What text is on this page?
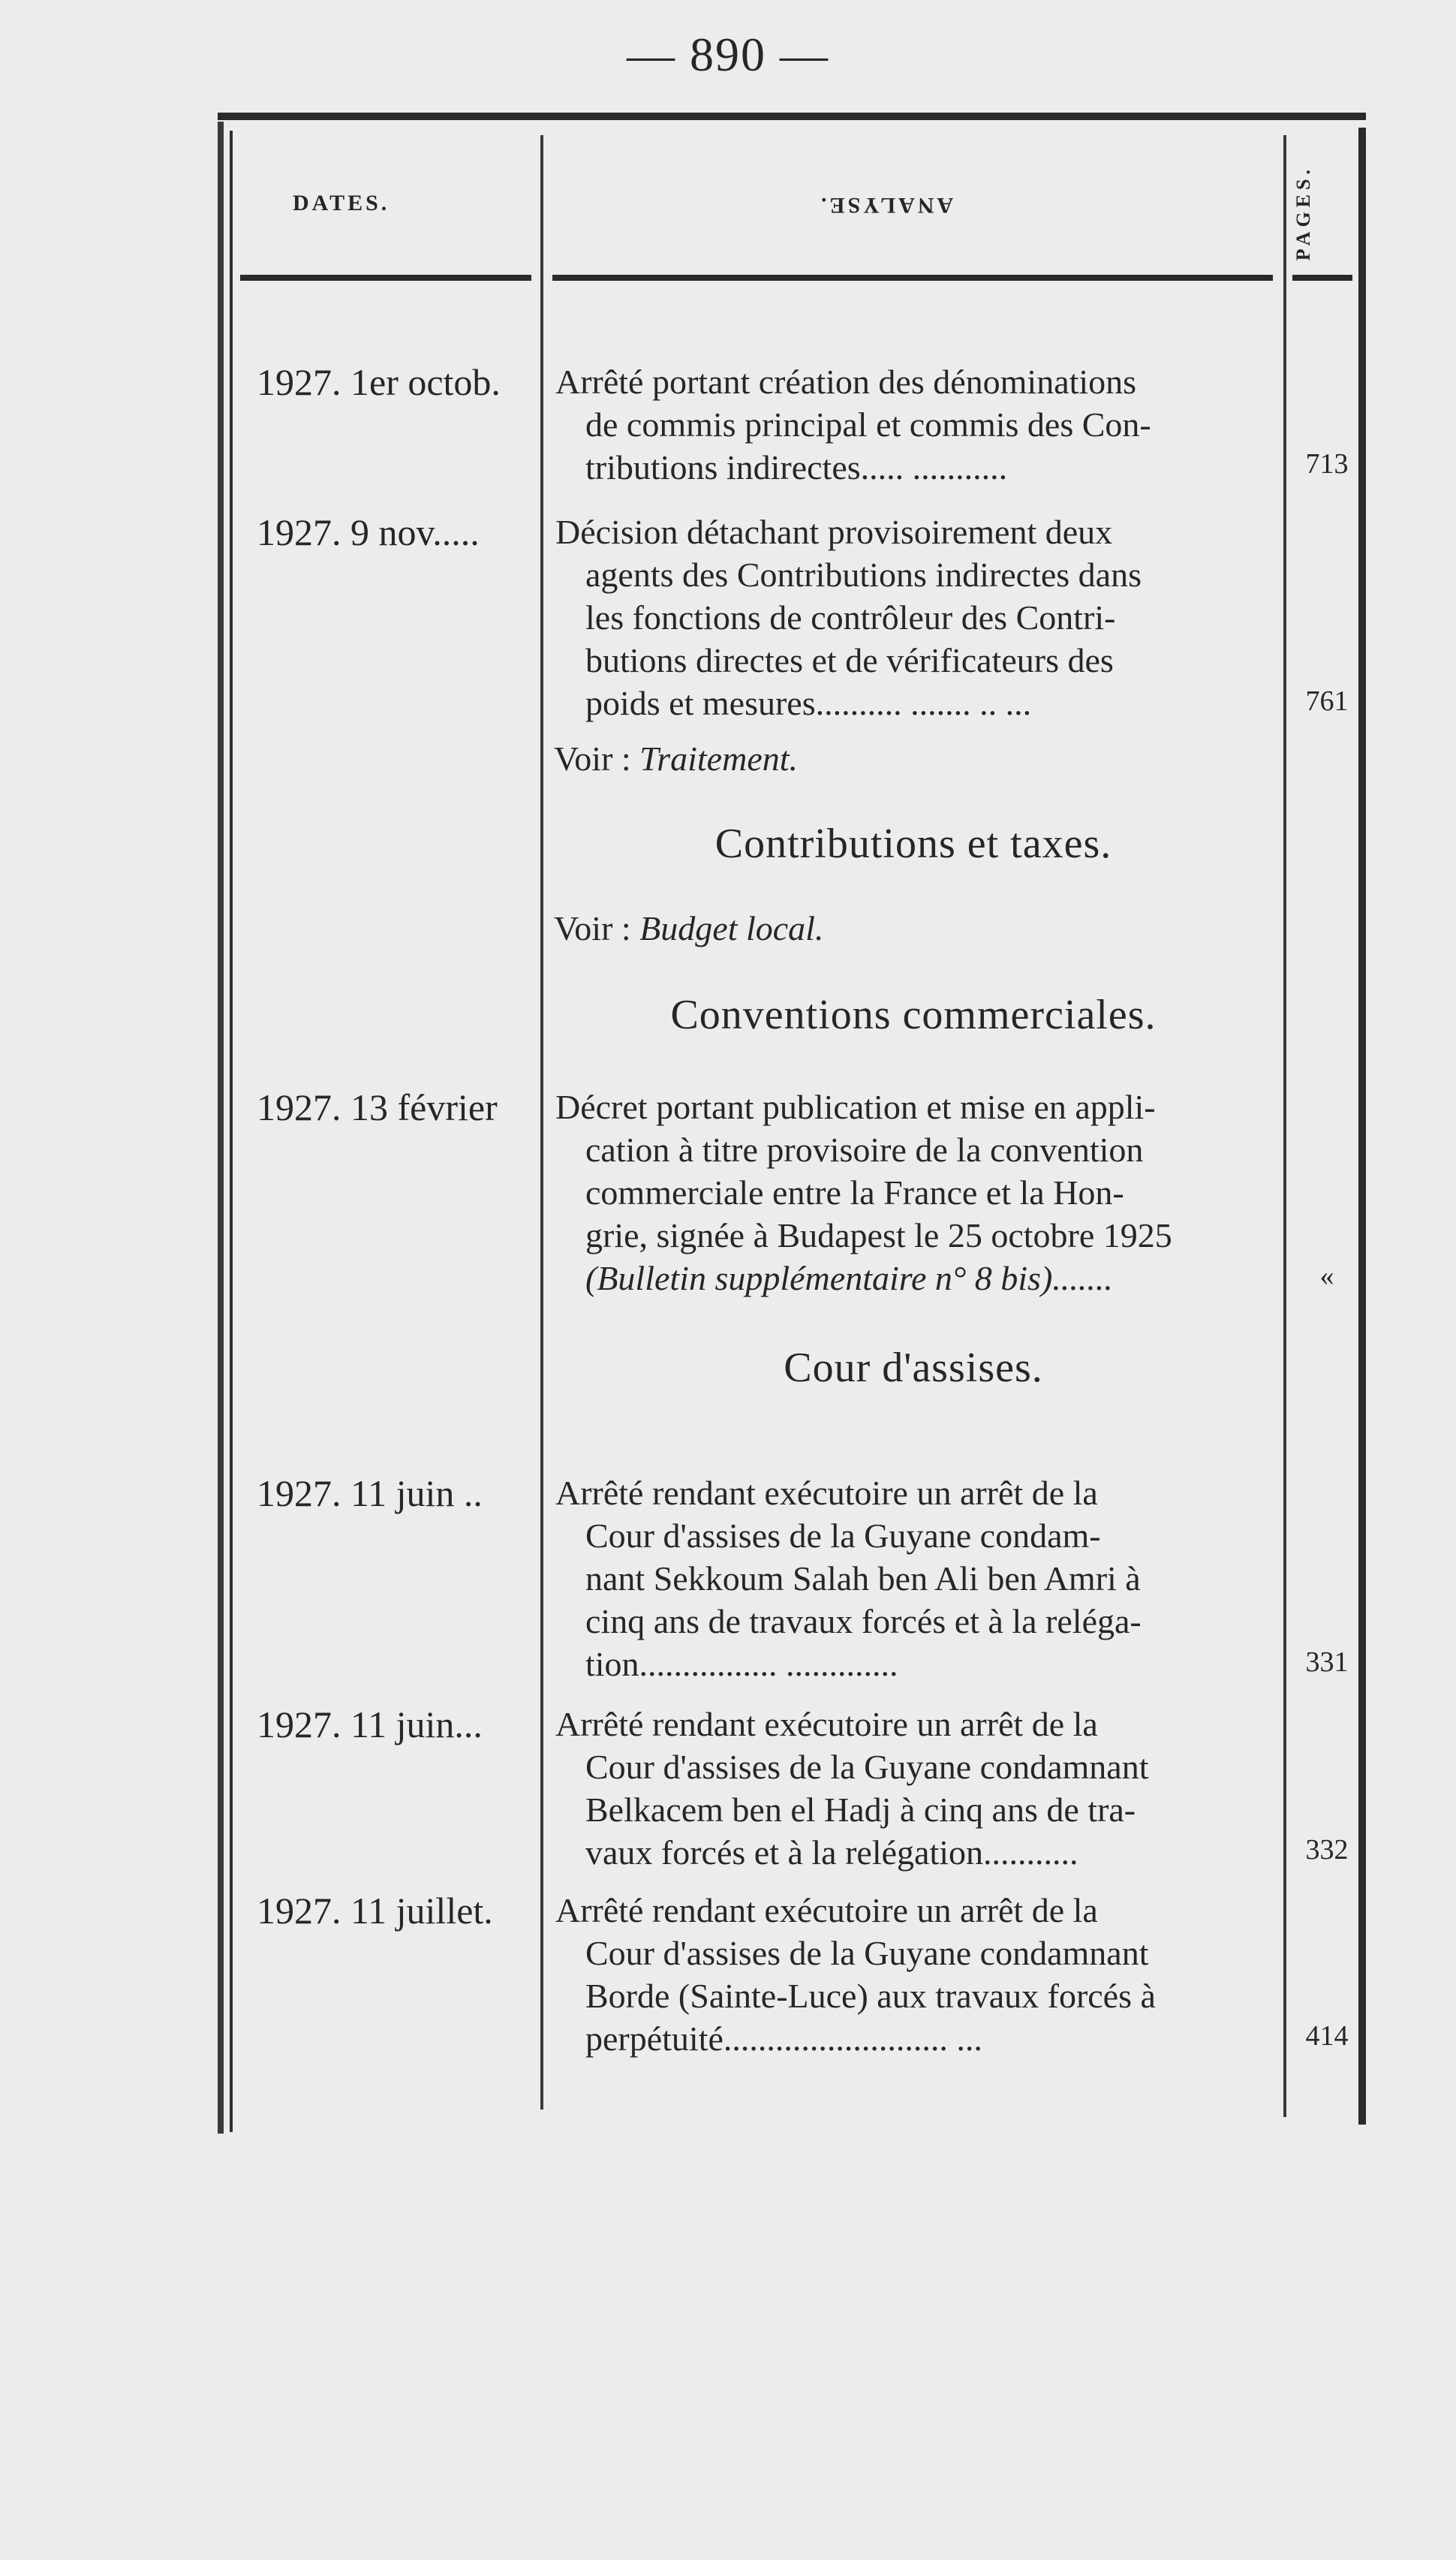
— 890 —
DATES.	ANALYSE.	PAGES.
1927. 1er octob. Arrêté portant création des dénominations
de commis principal et commis des Con-
tributions indirectes..... ...........	713
1927. 9 nov..... Décision détachant provisoirement deux
agents des Contributions indirectes dans
les fonctions de contrôleur des Contri-
butions directes et de vérificateurs des
poids et mesures.......... ....... .. ...	761
Voir : Traitement.
Contributions et taxes.
Voir : Budget local.
Conventions commerciales.
1927. 13 février Décret portant publication et mise en appli-
cation à titre provisoire de la convention
commerciale entre la France et la Hon-
grie, signée à Budapest le 25 octobre 1925
(Bulletin supplémentaire n° 8 bis).......	«
Cour d'assises.
1927. 11 juin .. Arrêté rendant exécutoire un arrêt de la
Cour d'assises de la Guyane condam-
nant Sekkoum Salah ben Ali ben Amri à
cinq ans de travaux forcés et à la reléga-
tion................ .............	331
1927. 11 juin... Arrêté rendant exécutoire un arrêt de la
Cour d'assises de la Guyane condamnant
Belkacem ben el Hadj à cinq ans de tra-
vaux forcés et à la relégation...........	332
1927. 11 juillet. Arrêté rendant exécutoire un arrêt de la
Cour d'assises de la Guyane condamnant
Borde (Sainte-Luce) aux travaux forcés à
perpétuité.......................... ...	414
